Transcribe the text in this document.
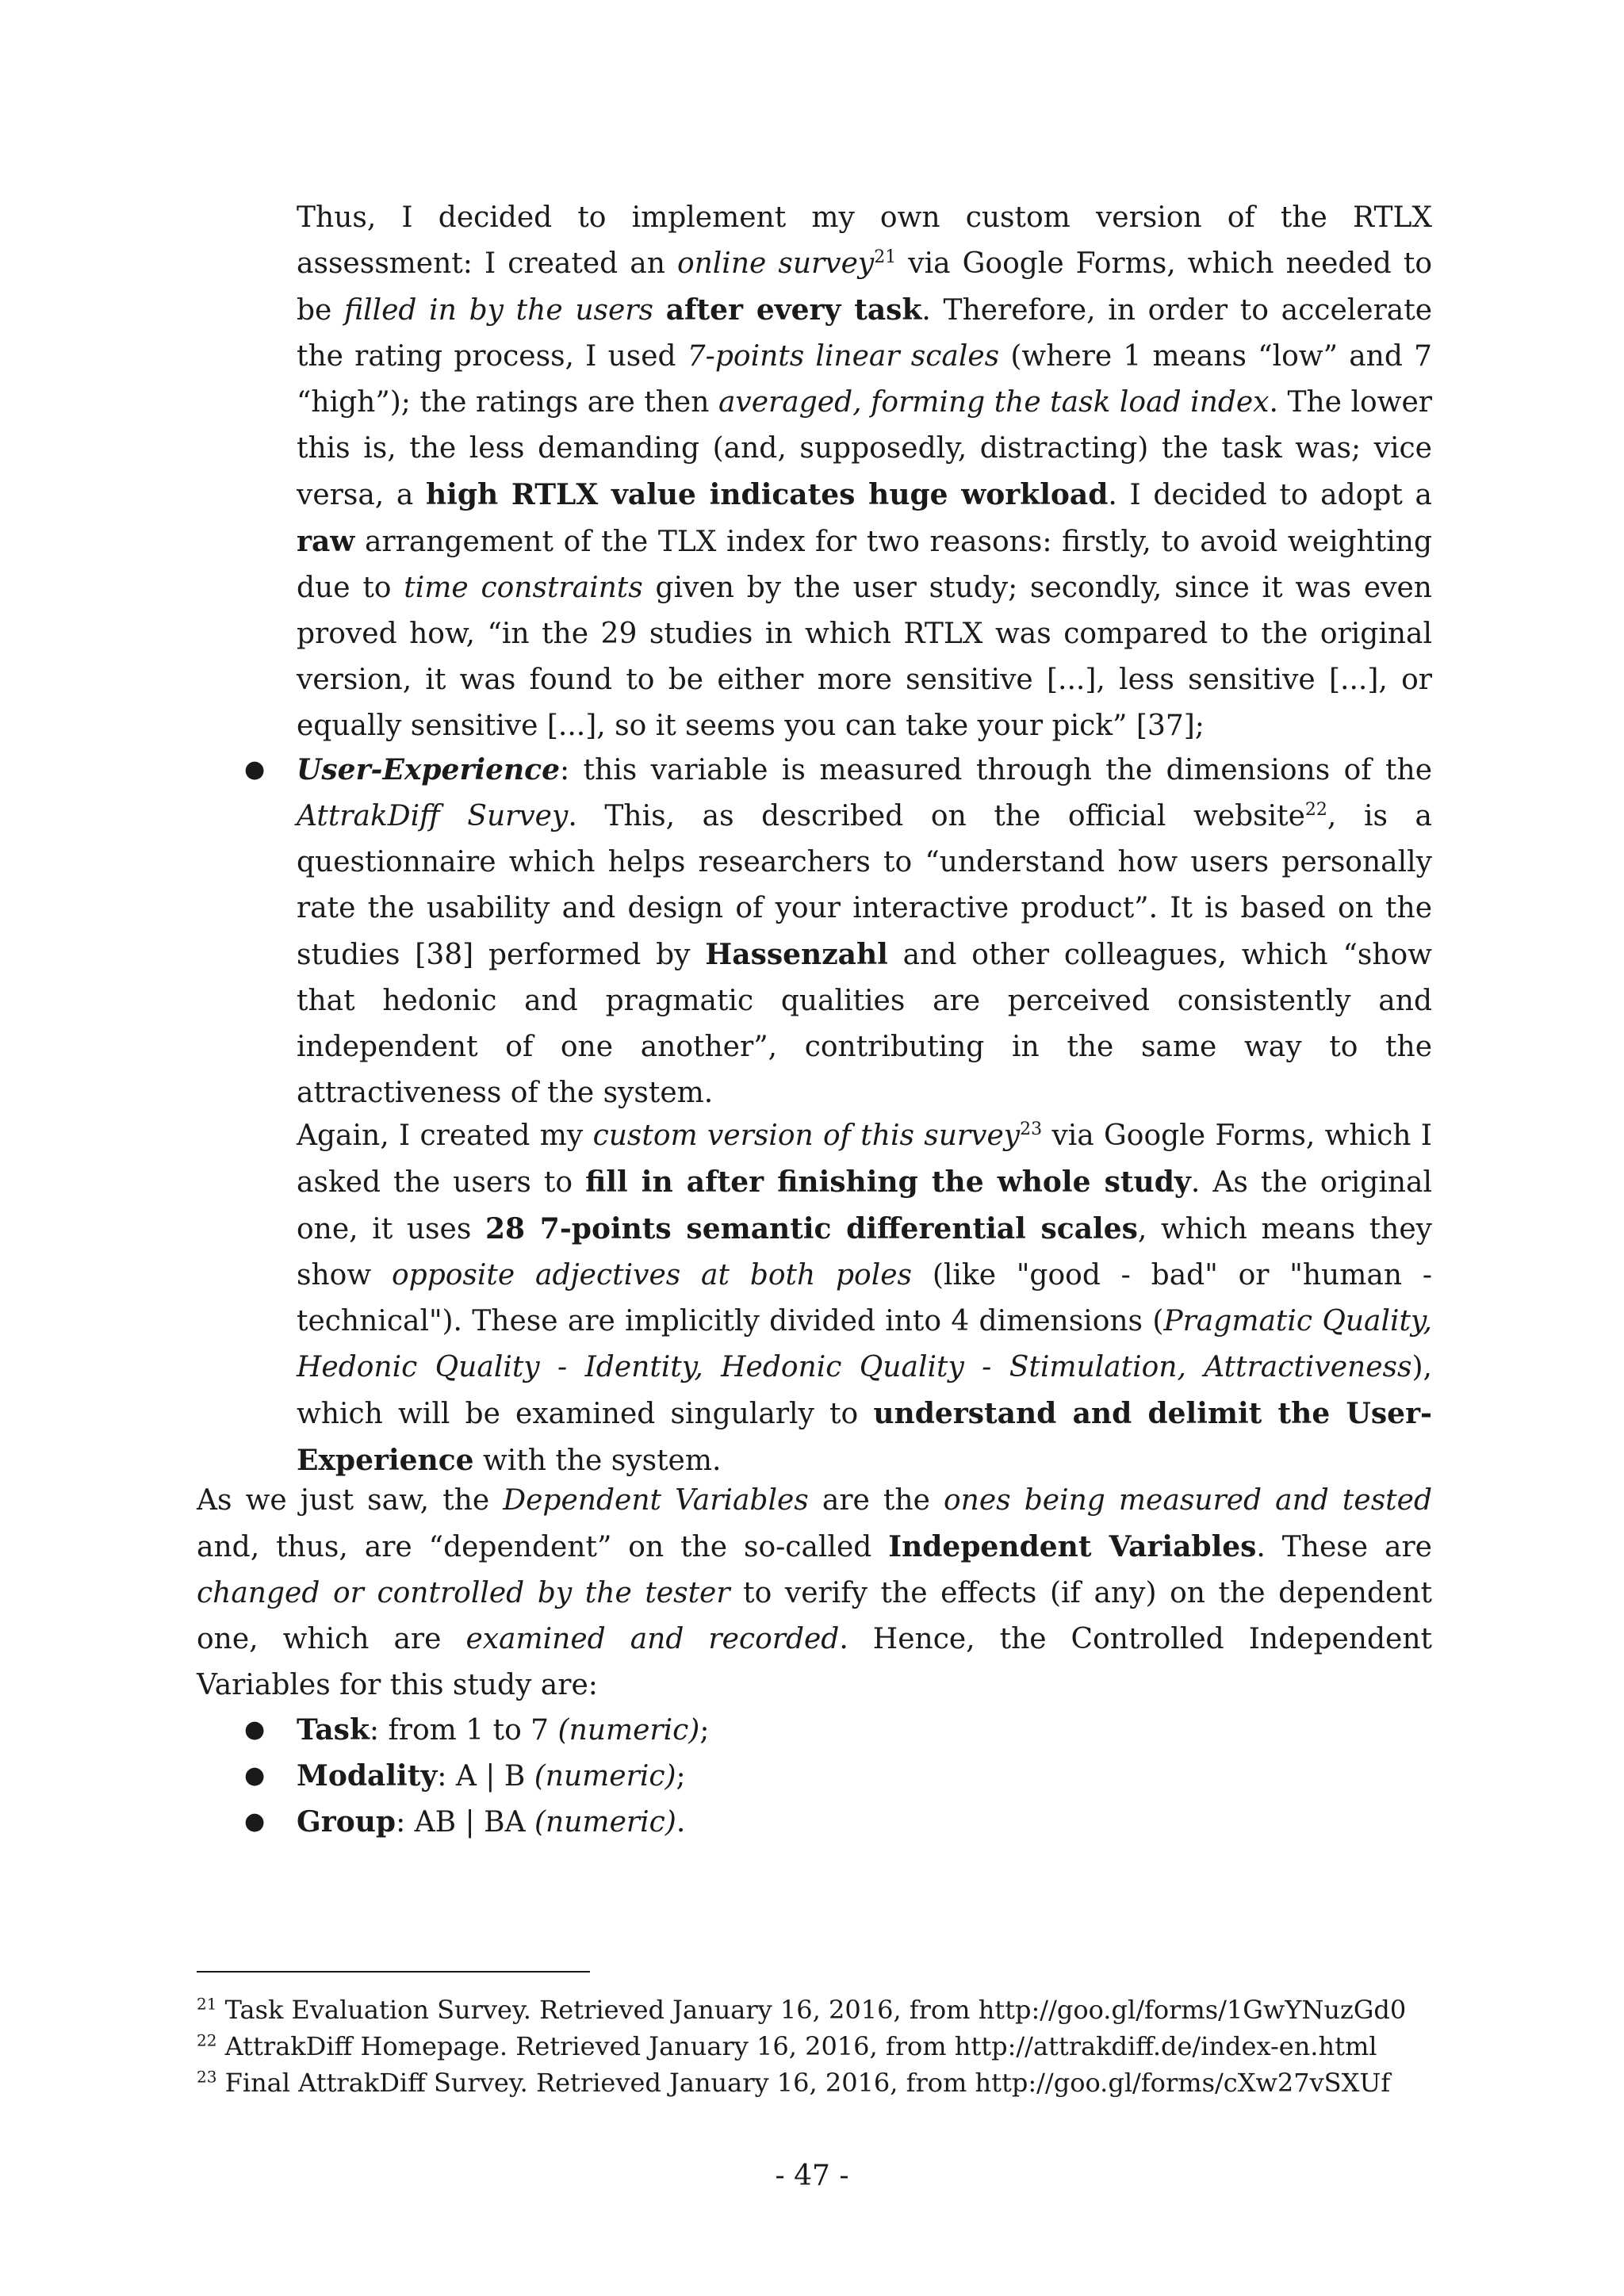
Thus, I decided to implement my own custom version of the RTLX assessment: I created an online survey$^{21}$ via Google Forms, which needed to be filled in by the users after every task. Therefore, in order to accelerate the rating process, I used 7-points linear scales (where 1 means “low” and 7 “high”); the ratings are then averaged, forming the task load index. The lower this is, the less demanding (and, supposedly, distracting) the task was; vice versa, a high RTLX value indicates huge workload. I decided to adopt a raw arrangement of the TLX index for two reasons: firstly, to avoid weighting due to time constraints given by the user study; secondly, since it was even proved how, “in the 29 studies in which RTLX was compared to the original version, it was found to be either more sensitive [...], less sensitive [...], or equally sensitive [...], so it seems you can take your pick” [37];

● User-Experience: this variable is measured through the dimensions of the AttrakDiff Survey. This, as described on the official website$^{22}$, is a questionnaire which helps researchers to “understand how users personally rate the usability and design of your interactive product”. It is based on the studies [38] performed by Hassenzahl and other colleagues, which “show that hedonic and pragmatic qualities are perceived consistently and independent of one another”, contributing in the same way to the attractiveness of the system.

Again, I created my custom version of this survey$^{23}$ via Google Forms, which I asked the users to fill in after finishing the whole study. As the original one, it uses 28 7-points semantic differential scales, which means they show opposite adjectives at both poles (like "good - bad" or "human - technical"). These are implicitly divided into 4 dimensions (Pragmatic Quality, Hedonic Quality - Identity, Hedonic Quality - Stimulation, Attractiveness), which will be examined singularly to understand and delimit the User-Experience with the system.

As we just saw, the Dependent Variables are the ones being measured and tested and, thus, are “dependent” on the so-called Independent Variables. These are changed or controlled by the tester to verify the effects (if any) on the dependent one, which are examined and recorded. Hence, the Controlled Independent Variables for this study are:

● Task: from 1 to 7 (numeric);

● Modality: A | B (numeric);

● Group: AB | BA (numeric).

$^{21}$ Task Evaluation Survey. Retrieved January 16, 2016, from http://goo.gl/forms/1GwYNuzGd0

$^{22}$ AttrakDiff Homepage. Retrieved January 16, 2016, from http://attrakdiff.de/index-en.html

$^{23}$ Final AttrakDiff Survey. Retrieved January 16, 2016, from http://goo.gl/forms/cXw27vSXUf

- 47 -
